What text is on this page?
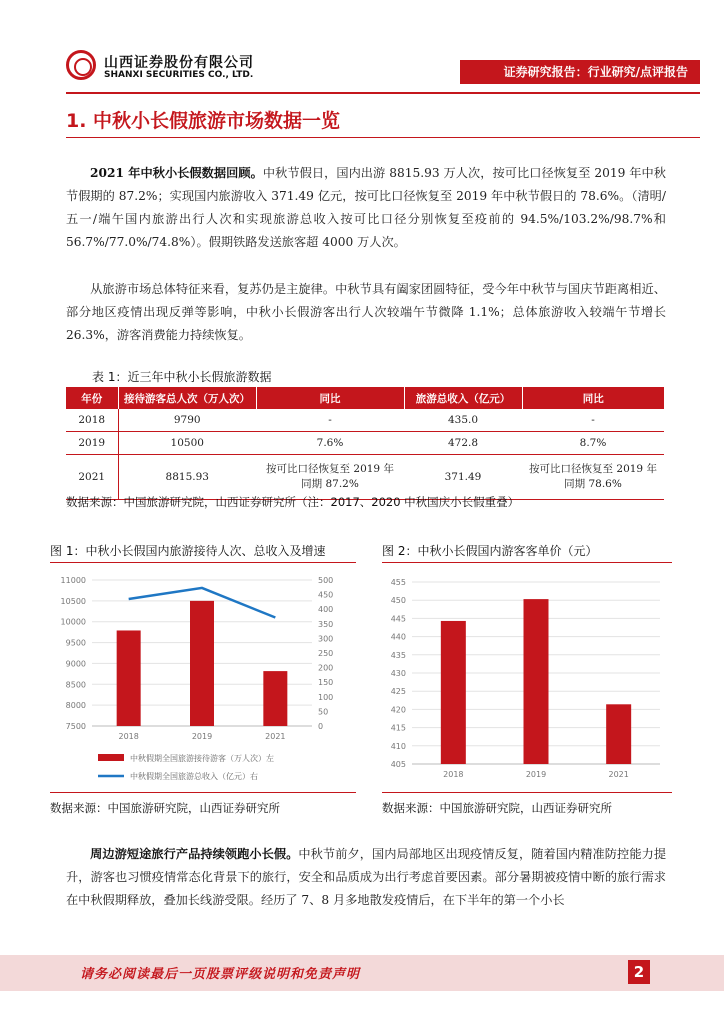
山西证券股份有限公司
SHANXI SECURITIES CO., LTD.	证券研究报告：行业研究/点评报告
1. 中秋小长假旅游市场数据一览
2021 年中秋小长假数据回顾。中秋节假日，国内出游 8815.93 万人次，按可比口径恢复至 2019 年中秋节假期的 87.2%；实现国内旅游收入 371.49 亿元，按可比口径恢复至 2019 年中秋节假日的 78.6%。（清明/五一/端午国内旅游出行人次和实现旅游总收入按可比口径分别恢复至疫前的 94.5%/103.2%/98.7%和 56.7%/77.0%/74.8%）。假期铁路发送旅客超 4000 万人次。
从旅游市场总体特征来看，复苏仍是主旋律。中秋节具有阖家团圆特征，受今年中秋节与国庆节距离相近、部分地区疫情出现反弹等影响，中秋小长假游客出行人次较端午节微降 1.1%；总体旅游收入较端午节增长 26.3%，游客消费能力持续恢复。
表 1：近三年中秋小长假旅游数据
年份	接待游客总人次（万人次）	同比	旅游总收入（亿元）	同比
2018	9790	-	435.0	-
2019	10500	7.6%	472.8	8.7%
2021	8815.93	按可比口径恢复至 2019 年同期 87.2%	371.49	按可比口径恢复至 2019 年同期 78.6%
数据来源：中国旅游研究院，山西证券研究所（注：2017、2020 中秋国庆小长假重叠）
图 1：中秋小长假国内旅游接待人次、总收入及增速
7500
8000
8500
9000
9500
10000
10500
11000
0
50
100
150
200
250
300
350
400
450
500
2018	2019	2021
中秋假期全国旅游接待游客（万人次）左
中秋假期全国旅游总收入（亿元）右
数据来源：中国旅游研究院，山西证券研究所
图 2：中秋小长假国内游客客单价（元）
405
410
415
420
425
430
435
440
445
450
455
2018	2019	2021
数据来源：中国旅游研究院，山西证券研究所
周边游短途旅行产品持续领跑小长假。中秋节前夕，国内局部地区出现疫情反复，随着国内精准防控能力提升，游客也习惯疫情常态化背景下的旅行，安全和品质成为出行考虑首要因素。部分暑期被疫情中断的旅行需求在中秋假期释放，叠加长线游受限。经历了 7、8 月多地散发疫情后，在下半年的第一个小长
请务必阅读最后一页股票评级说明和免责声明	2
